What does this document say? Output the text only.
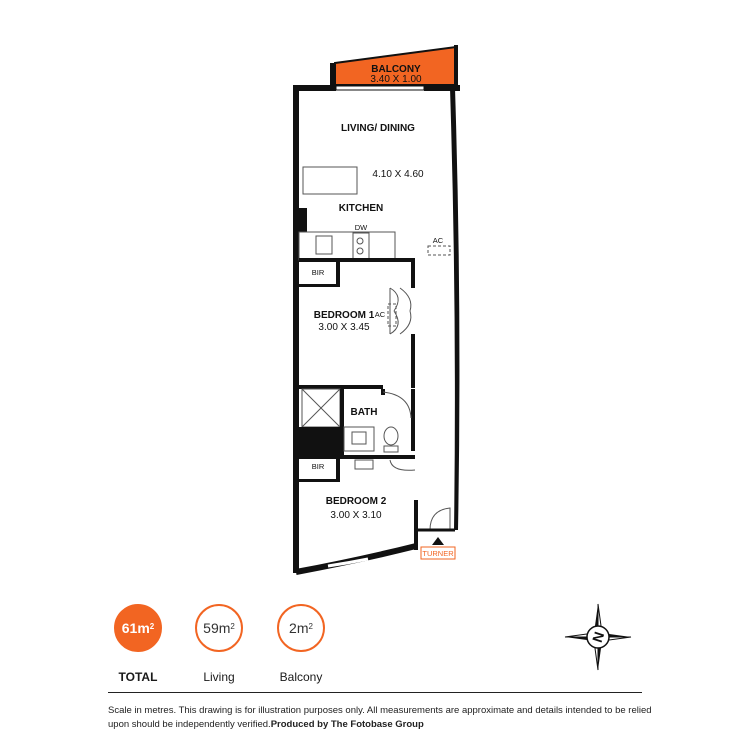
BALCONY
3.40 X 1.00
LIVING/ DINING
4.10 X 4.60
KITCHEN
DW
AC
BIR
BEDROOM 1
3.00 X 3.45
AC
BATH
BIR
BEDROOM 2
3.00 X 3.10
TURNER
$61m^2$
TOTAL
$59m^2$
Living
$2m^2$
Balcony
N
Scale in metres. This drawing is for illustration purposes only. All measurements are approximate and details intended to be relied upon should be independently verified.Produced by The Fotobase Group
